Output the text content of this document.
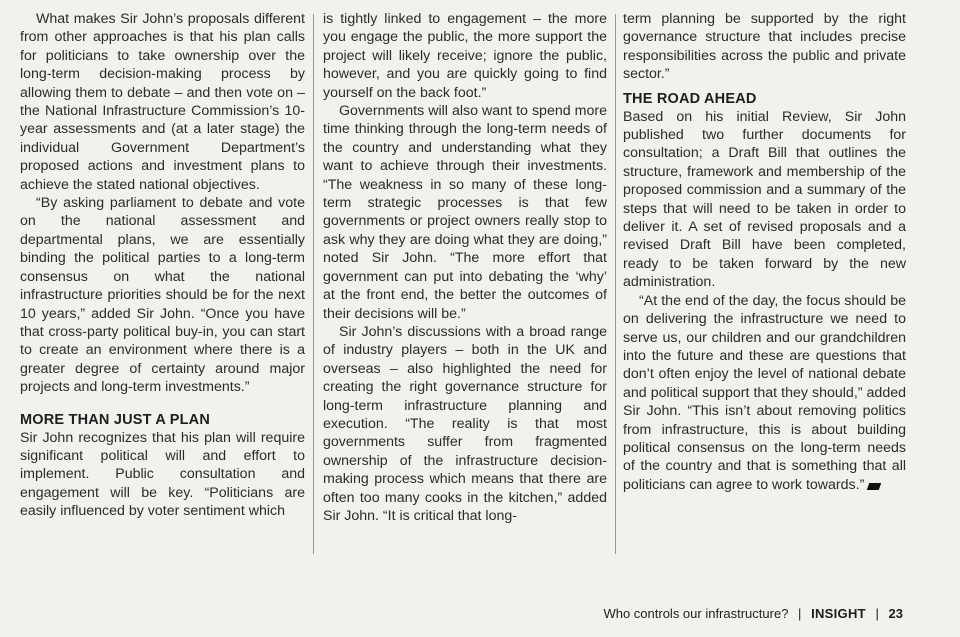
What makes Sir John’s proposals different from other approaches is that his plan calls for politicians to take ownership over the long-term decision-making process by allowing them to debate – and then vote on – the National Infrastructure Commission’s 10-year assessments and (at a later stage) the individual Government Department’s proposed actions and investment plans to achieve the stated national objectives.

“By asking parliament to debate and vote on the national assessment and departmental plans, we are essentially binding the political parties to a long-term consensus on what the national infrastructure priorities should be for the next 10 years,” added Sir John. “Once you have that cross-party political buy-in, you can start to create an environment where there is a greater degree of certainty around major projects and long-term investments.”

MORE THAN JUST A PLAN

Sir John recognizes that his plan will require significant political will and effort to implement. Public consultation and engagement will be key. “Politicians are easily influenced by voter sentiment which

is tightly linked to engagement – the more you engage the public, the more support the project will likely receive; ignore the public, however, and you are quickly going to find yourself on the back foot.”

Governments will also want to spend more time thinking through the long-term needs of the country and understanding what they want to achieve through their investments. “The weakness in so many of these long-term strategic processes is that few governments or project owners really stop to ask why they are doing what they are doing,” noted Sir John. “The more effort that government can put into debating the ‘why’ at the front end, the better the outcomes of their decisions will be.”

Sir John’s discussions with a broad range of industry players – both in the UK and overseas – also highlighted the need for creating the right governance structure for long-term infrastructure planning and execution. “The reality is that most governments suffer from fragmented ownership of the infrastructure decision-making process which means that there are often too many cooks in the kitchen,” added Sir John. “It is critical that long-

term planning be supported by the right governance structure that includes precise responsibilities across the public and private sector.”

THE ROAD AHEAD

Based on his initial Review, Sir John published two further documents for consultation; a Draft Bill that outlines the structure, framework and membership of the proposed commission and a summary of the steps that will need to be taken in order to deliver it. A set of revised proposals and a revised Draft Bill have been completed, ready to be taken forward by the new administration.

“At the end of the day, the focus should be on delivering the infrastructure we need to serve us, our children and our grandchildren into the future and these are questions that don’t often enjoy the level of national debate and political support that they should,” added Sir John. “This isn’t about removing politics from infrastructure, this is about building political consensus on the long-term needs of the country and that is something that all politicians can agree to work towards.”

Who controls our infrastructure? | INSIGHT | 23
